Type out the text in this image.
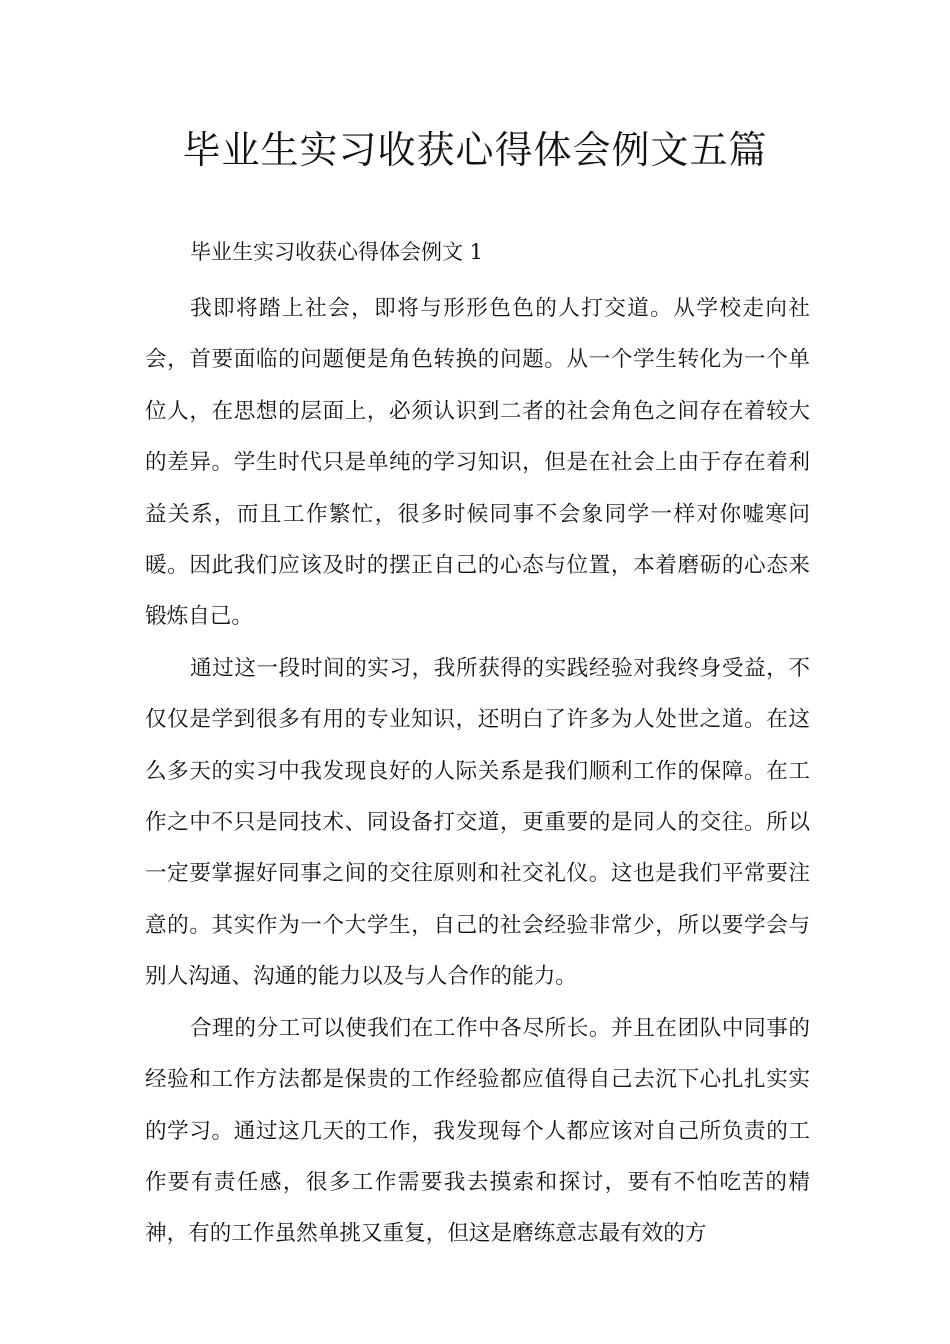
毕业生实习收获心得体会例文五篇

毕业生实习收获心得体会例文 1

我即将踏上社会，即将与形形色色的人打交道。从学校走向社会，首要面临的问题便是角色转换的问题。从一个学生转化为一个单位人，在思想的层面上，必须认识到二者的社会角色之间存在着较大的差异。学生时代只是单纯的学习知识，但是在社会上由于存在着利益关系，而且工作繁忙，很多时候同事不会象同学一样对你嘘寒问暖。因此我们应该及时的摆正自己的心态与位置，本着磨砺的心态来锻炼自己。

通过这一段时间的实习，我所获得的实践经验对我终身受益，不仅仅是学到很多有用的专业知识，还明白了许多为人处世之道。在这么多天的实习中我发现良好的人际关系是我们顺利工作的保障。在工作之中不只是同技术、同设备打交道，更重要的是同人的交往。所以一定要掌握好同事之间的交往原则和社交礼仪。这也是我们平常要注意的。其实作为一个大学生，自己的社会经验非常少，所以要学会与别人沟通、沟通的能力以及与人合作的能力。

合理的分工可以使我们在工作中各尽所长。并且在团队中同事的经验和工作方法都是保贵的工作经验都应值得自己去沉下心扎扎实实的学习。通过这几天的工作，我发现每个人都应该对自己所负责的工作要有责任感，很多工作需要我去摸索和探讨，要有不怕吃苦的精神，有的工作虽然单挑又重复，但这是磨练意志最有效的方
